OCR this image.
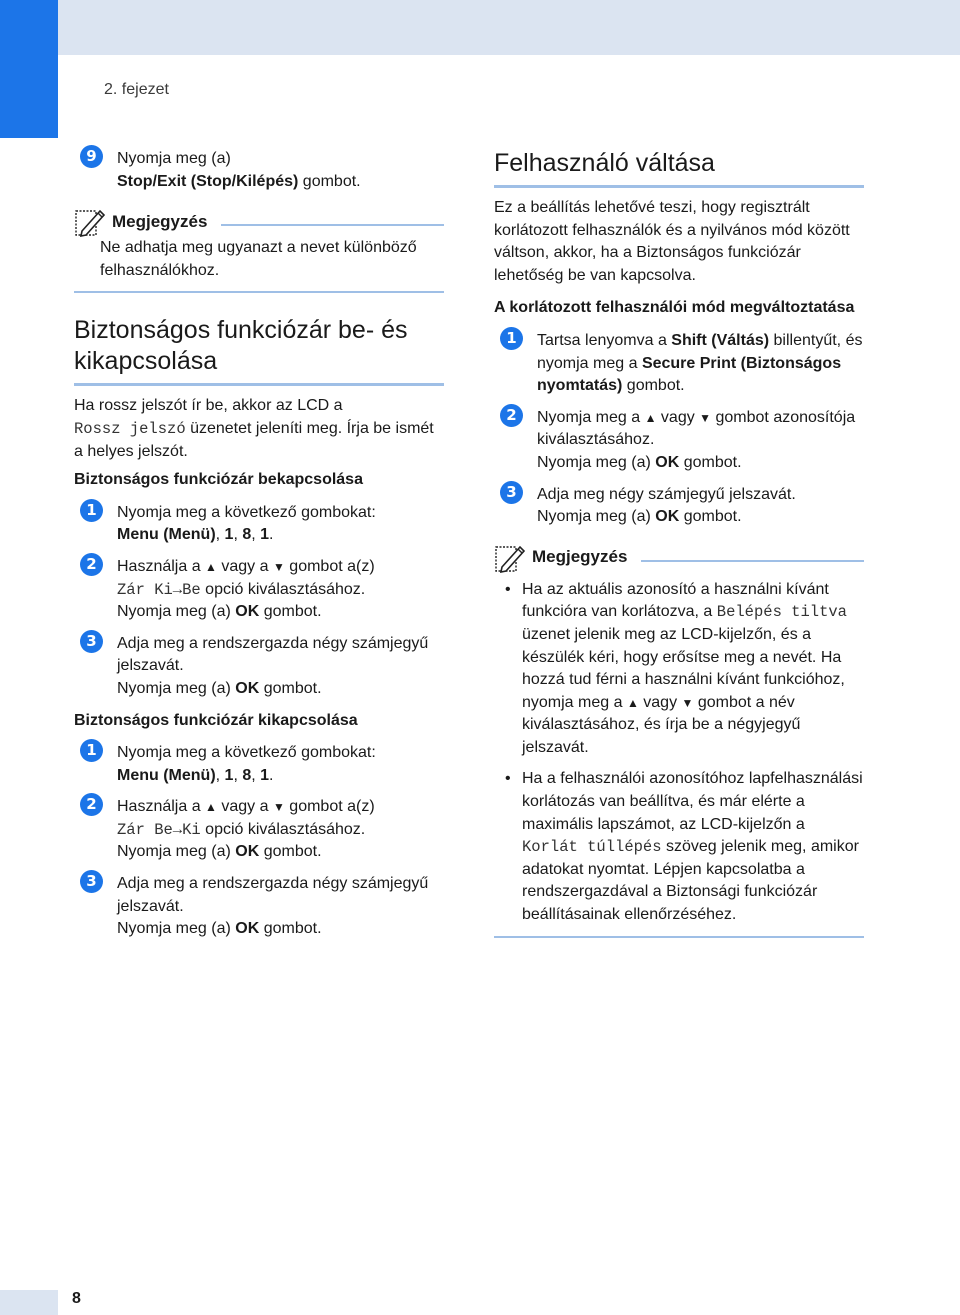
2. fejezet
9	Nyomja meg (a)
Stop/Exit (Stop/Kilépés) gombot.
Megjegyzés
Ne adhatja meg ugyanazt a nevet különböző felhasználókhoz.
Biztonságos funkciózár be- és kikapcsolása

Ha rossz jelszót ír be, akkor az LCD a
Rossz jelszó üzenetet jeleníti meg. Írja be ismét a helyes jelszót.

Biztonságos funkciózár bekapcsolása
1	Nyomja meg a következő gombokat:
Menu (Menü), 1, 8, 1.
2	Használja a ▲ vagy a ▼ gombot a(z)
Zár Ki→Be opció kiválasztásához.
Nyomja meg (a) OK gombot.
3	Adja meg a rendszergazda négy számjegyű jelszavát.
Nyomja meg (a) OK gombot.
Biztonságos funkciózár kikapcsolása
1	Nyomja meg a következő gombokat:
Menu (Menü), 1, 8, 1.
2	Használja a ▲ vagy a ▼ gombot a(z)
Zár Be→Ki opció kiválasztásához.
Nyomja meg (a) OK gombot.
3	Adja meg a rendszergazda négy számjegyű jelszavát.
Nyomja meg (a) OK gombot.
Felhasználó váltása

Ez a beállítás lehetővé teszi, hogy regisztrált korlátozott felhasználók és a nyilvános mód között váltson, akkor, ha a Biztonságos funkciózár lehetőség be van kapcsolva.

A korlátozott felhasználói mód megváltoztatása
1	Tartsa lenyomva a Shift (Váltás) billentyűt, és nyomja meg a Secure Print (Biztonságos nyomtatás) gombot.
2	Nyomja meg a ▲ vagy ▼ gombot azonosítója kiválasztásához.
Nyomja meg (a) OK gombot.
3	Adja meg négy számjegyű jelszavát.
Nyomja meg (a) OK gombot.
Megjegyzés
• Ha az aktuális azonosító a használni kívánt funkcióra van korlátozva, a Belépés tiltva üzenet jelenik meg az LCD-kijelzőn, és a készülék kéri, hogy erősítse meg a nevét. Ha hozzá tud férni a használni kívánt funkcióhoz, nyomja meg a ▲ vagy ▼ gombot a név kiválasztásához, és írja be a négyjegyű jelszavát.
• Ha a felhasználói azonosítóhoz lapfelhasználási korlátozás van beállítva, és már elérte a maximális lapszámot, az LCD-kijelzőn a Korlát túllépés szöveg jelenik meg, amikor adatokat nyomtat. Lépjen kapcsolatba a rendszergazdával a Biztonsági funkciózár beállításainak ellenőrzéséhez.
8
